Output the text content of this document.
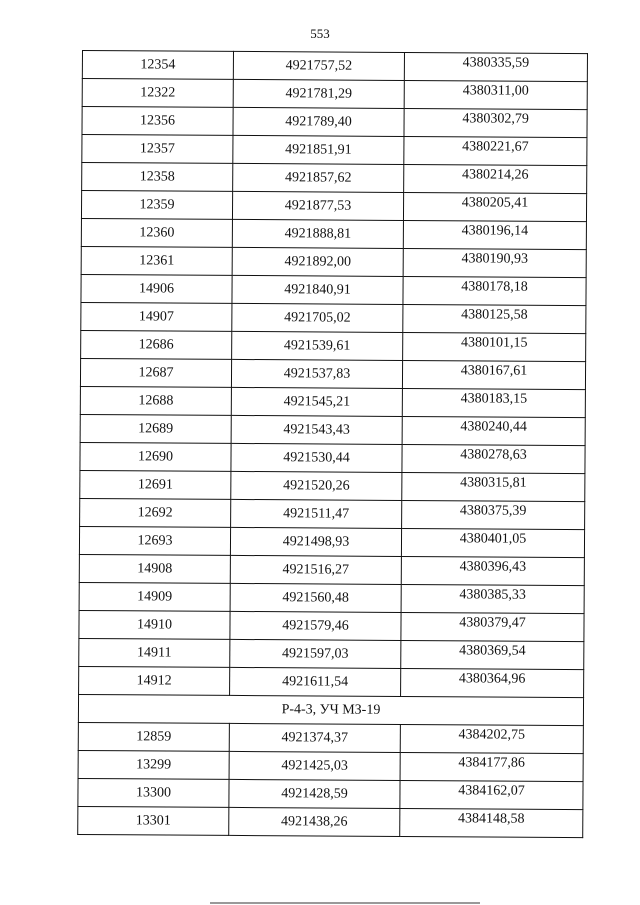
553
12354	4921757,52	4380335,59
12322	4921781,29	4380311,00
12356	4921789,40	4380302,79
12357	4921851,91	4380221,67
12358	4921857,62	4380214,26
12359	4921877,53	4380205,41
12360	4921888,81	4380196,14
12361	4921892,00	4380190,93
14906	4921840,91	4380178,18
14907	4921705,02	4380125,58
12686	4921539,61	4380101,15
12687	4921537,83	4380167,61
12688	4921545,21	4380183,15
12689	4921543,43	4380240,44
12690	4921530,44	4380278,63
12691	4921520,26	4380315,81
12692	4921511,47	4380375,39
12693	4921498,93	4380401,05
14908	4921516,27	4380396,43
14909	4921560,48	4380385,33
14910	4921579,46	4380379,47
14911	4921597,03	4380369,54
14912	4921611,54	4380364,96
Р-4-3, УЧ МЗ-19		
12859	4921374,37	4384202,75
13299	4921425,03	4384177,86
13300	4921428,59	4384162,07
13301	4921438,26	4384148,58
